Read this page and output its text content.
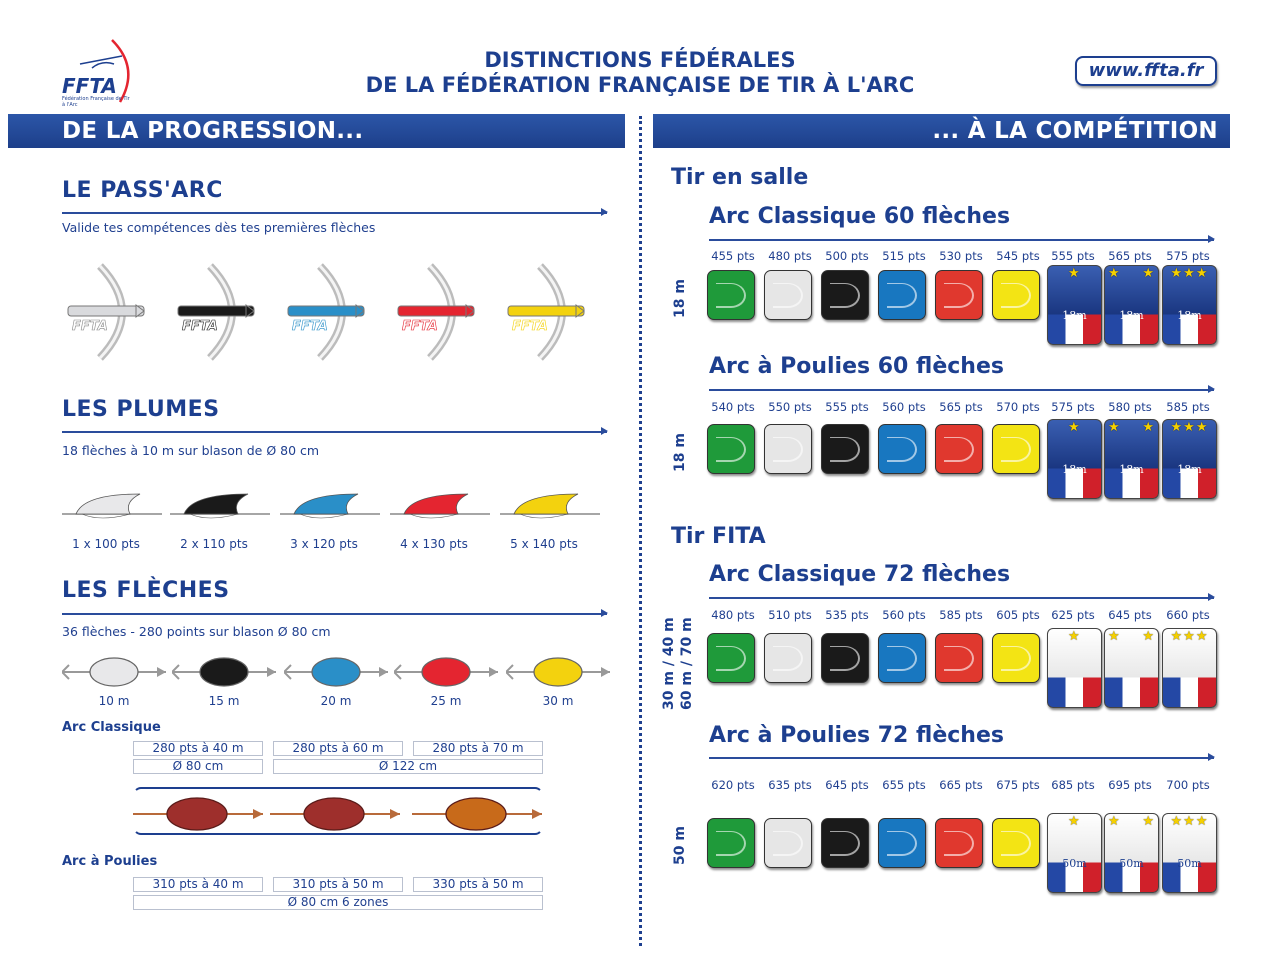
FFTA
Fédération Française de Tir à l'Arc
DISTINCTIONS FÉDÉRALES
DE LA FÉDÉRATION FRANÇAISE DE TIR À L'ARC
www.ffta.fr
DE LA PROGRESSION...	... À LA COMPÉTITION
LE PASS'ARC
Valide tes compétences dès tes premières flèches
FFTA	FFTA	FFTA	FFTA	FFTA
LES PLUMES
18 flèches à 10 m sur blason de Ø 80 cm
1 x 100 pts	2 x 110 pts	3 x 120 pts	4 x 130 pts	5 x 140 pts
LES FLÈCHES
36 flèches - 280 points sur blason Ø 80 cm
10 m	15 m	20 m	25 m	30 m
Arc Classique
280 pts à 40 m	280 pts à 60 m	280 pts à 70 m
Ø 80 cm	Ø 122 cm
Arc à Poulies
310 pts à 40 m	310 pts à 50 m	330 pts à 50 m
Ø 80 cm 6 zones
Tir en salle
Arc Classique 60 flèches
18 m
455 pts	480 pts	500 pts	515 pts	530 pts	545 pts	555 pts	565 pts	575 pts
★
18m
★ ★
18m
★★★
18m
Arc à Poulies 60 flèches
18 m
540 pts	550 pts	555 pts	560 pts	565 pts	570 pts	575 pts	580 pts	585 pts
★
18m
★ ★
18m
★★★
18m
Tir FITA
Arc Classique 72 flèches
30 m / 40 m 60 m / 70 m
480 pts	510 pts	535 pts	560 pts	585 pts	605 pts	625 pts	645 pts	660 pts
★	★ ★	★★★
Arc à Poulies 72 flèches
50 m
620 pts	635 pts	645 pts	655 pts	665 pts	675 pts	685 pts	695 pts	700 pts
★
50m
★ ★
50m
★★★
50m
